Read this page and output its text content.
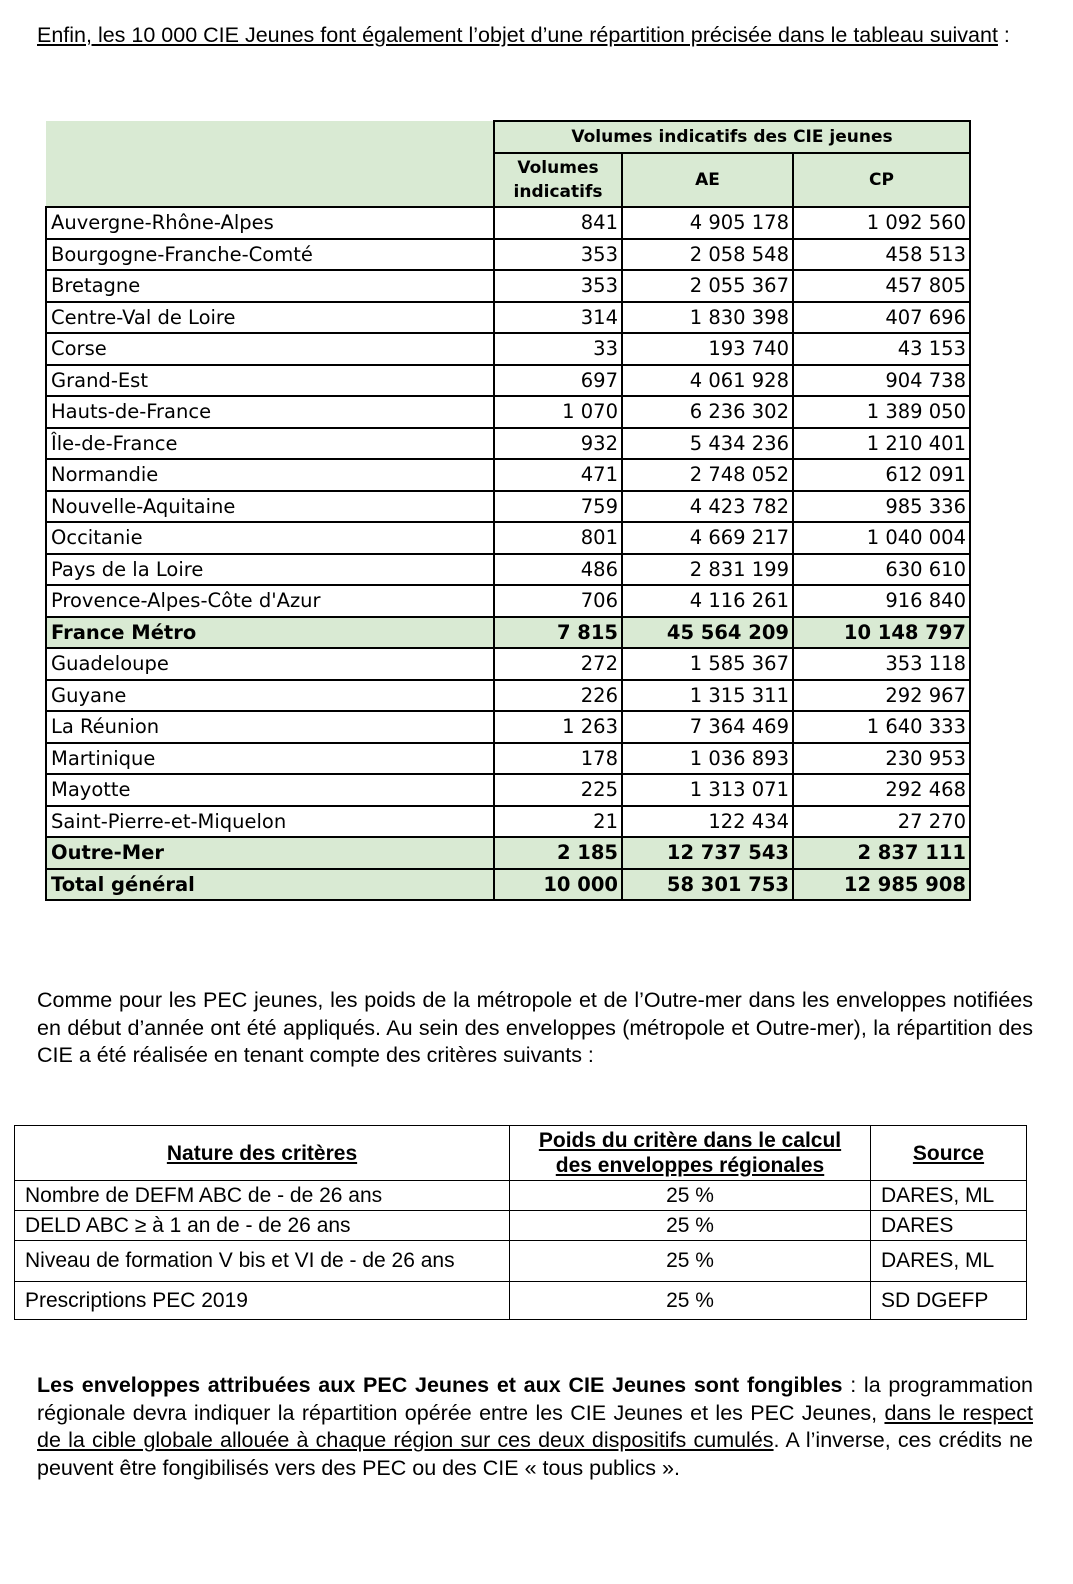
Enfin, les 10 000 CIE Jeunes font également l’objet d’une répartition précisée dans le tableau suivant :

	Volumes indicatifs des CIE jeunes		
	Volumes indicatifs	AE	CP
Auvergne-Rhône-Alpes	841	4 905 178	1 092 560
Bourgogne-Franche-Comté	353	2 058 548	458 513
Bretagne	353	2 055 367	457 805
Centre-Val de Loire	314	1 830 398	407 696
Corse	33	193 740	43 153
Grand-Est	697	4 061 928	904 738
Hauts-de-France	1 070	6 236 302	1 389 050
Île-de-France	932	5 434 236	1 210 401
Normandie	471	2 748 052	612 091
Nouvelle-Aquitaine	759	4 423 782	985 336
Occitanie	801	4 669 217	1 040 004
Pays de la Loire	486	2 831 199	630 610
Provence-Alpes-Côte d'Azur	706	4 116 261	916 840
France Métro	7 815	45 564 209	10 148 797
Guadeloupe	272	1 585 367	353 118
Guyane	226	1 315 311	292 967
La Réunion	1 263	7 364 469	1 640 333
Martinique	178	1 036 893	230 953
Mayotte	225	1 313 071	292 468
Saint-Pierre-et-Miquelon	21	122 434	27 270
Outre-Mer	2 185	12 737 543	2 837 111
Total général	10 000	58 301 753	12 985 908

Comme pour les PEC jeunes, les poids de la métropole et de l’Outre-mer dans les enveloppes notifiées en début d’année ont été appliqués. Au sein des enveloppes (métropole et Outre-mer), la répartition des CIE a été réalisée en tenant compte des critères suivants :

Nature des critères	Poids du critère dans le calcul des enveloppes régionales	Source
Nombre de DEFM ABC de - de 26 ans	25 %	DARES, ML
DELD ABC ≥ à 1 an de - de 26 ans	25 %	DARES
Niveau de formation V bis et VI de - de 26 ans	25 %	DARES, ML
Prescriptions PEC 2019	25 %	SD DGEFP

Les enveloppes attribuées aux PEC Jeunes et aux CIE Jeunes sont fongibles : la programmation régionale devra indiquer la répartition opérée entre les CIE Jeunes et les PEC Jeunes, dans le respect de la cible globale allouée à chaque région sur ces deux dispositifs cumulés. A l’inverse, ces crédits ne peuvent être fongibilisés vers des PEC ou des CIE « tous publics ».
